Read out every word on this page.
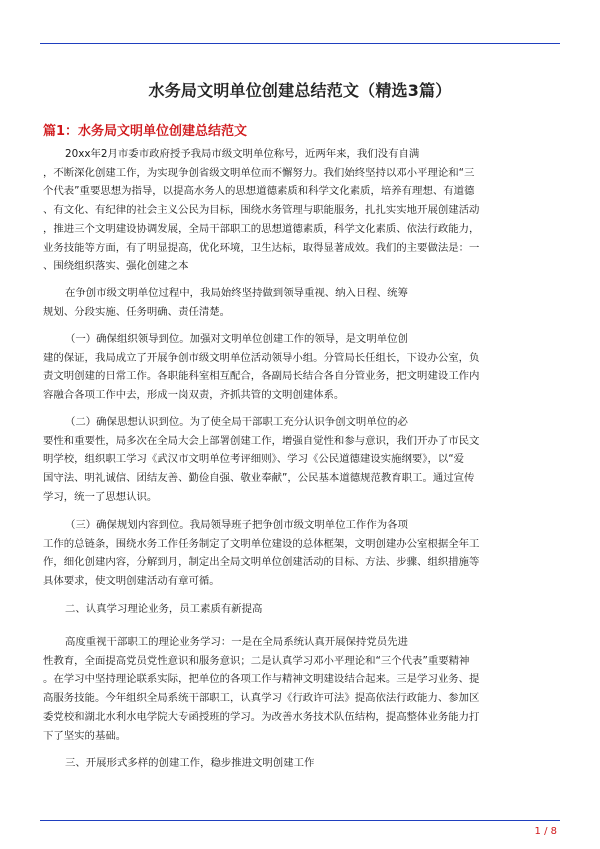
水务局文明单位创建总结范文（精选3篇）
篇1：水务局文明单位创建总结范文
20xx年2月市委市政府授予我局市级文明单位称号，近两年来，我们没有自满
，不断深化创建工作，为实现争创省级文明单位而不懈努力。我们始终坚持以邓小平理论和“三
个代表”重要思想为指导，以提高水务人的思想道德素质和科学文化素质，培养有理想、有道德
、有文化、有纪律的社会主义公民为目标，围绕水务管理与职能服务，扎扎实实地开展创建活动
，推进三个文明建设协调发展，全局干部职工的思想道德素质，科学文化素质、依法行政能力，
业务技能等方面，有了明显提高，优化环境，卫生达标，取得显著成效。我们的主要做法是：一
、围绕组织落实、强化创建之本
在争创市级文明单位过程中，我局始终坚持做到领导重视、纳入日程、统筹
规划、分段实施、任务明确、责任清楚。
（一）确保组织领导到位。加强对文明单位创建工作的领导，是文明单位创
建的保证，我局成立了开展争创市级文明单位活动领导小组。分管局长任组长，下设办公室，负
责文明创建的日常工作。各职能科室相互配合，各副局长结合各自分管业务，把文明建设工作内
容融合各项工作中去，形成一岗双责，齐抓共管的文明创建体系。
（二）确保思想认识到位。为了使全局干部职工充分认识争创文明单位的必
要性和重要性，局多次在全局大会上部署创建工作，增强自觉性和参与意识，我们开办了市民文
明学校，组织职工学习《武汉市文明单位考评细则》、学习《公民道德建设实施纲要》，以“爱
国守法、明礼诚信、团结友善、勤俭自强、敬业奉献”，公民基本道德规范教育职工。通过宣传
学习，统一了思想认识。
（三）确保规划内容到位。我局领导班子把争创市级文明单位工作作为各项
工作的总链条，围绕水务工作任务制定了文明单位建设的总体框架，文明创建办公室根据全年工
作，细化创建内容，分解到月，制定出全局文明单位创建活动的目标、方法、步骤、组织措施等
具体要求，使文明创建活动有章可循。
二、认真学习理论业务，员工素质有新提高
高度重视干部职工的理论业务学习：一是在全局系统认真开展保持党员先进
性教育，全面提高党员党性意识和服务意识；二是认真学习邓小平理论和“三个代表”重要精神
。在学习中坚持理论联系实际，把单位的各项工作与精神文明建设结合起来。三是学习业务、提
高服务技能。今年组织全局系统干部职工，认真学习《行政许可法》提高依法行政能力、参加区
委党校和湖北水利水电学院大专函授班的学习。为改善水务技术队伍结构，提高整体业务能力打
下了坚实的基础。
三、开展形式多样的创建工作，稳步推进文明创建工作
1 / 8
